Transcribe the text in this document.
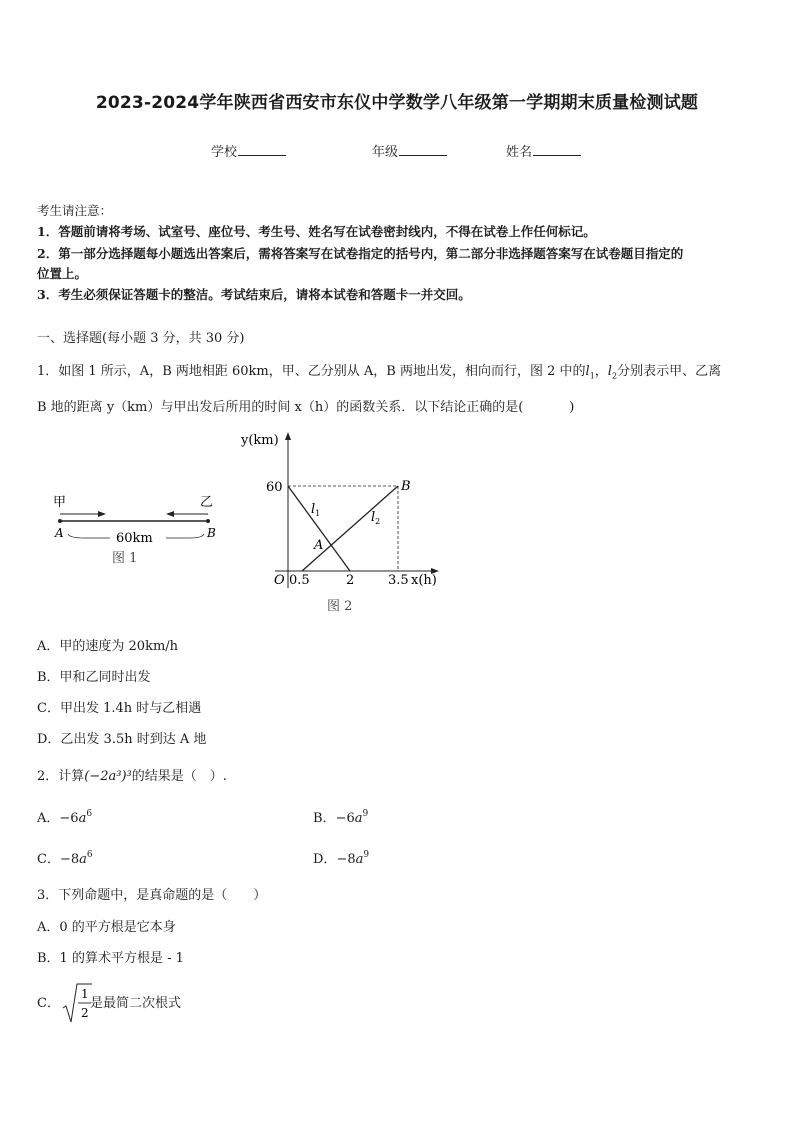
2023-2024学年陕西省西安市东仪中学数学八年级第一学期期末质量检测试题
学校	年级	姓名
考生请注意：
1．答题前请将考场、试室号、座位号、考生号、姓名写在试卷密封线内，不得在试卷上作任何标记。
2．第一部分选择题每小题选出答案后，需将答案写在试卷指定的括号内，第二部分非选择题答案写在试卷题目指定的
位置上。
3．考生必须保证答题卡的整洁。考试结束后，请将本试卷和答题卡一并交回。
一、选择题(每小题 3 分，共 30 分)
1．如图 1 所示，A，B 两地相距 60km，甲、乙分别从 A，B 两地出发，相向而行，图 2 中的$l_1$，$l_2$分别表示甲、乙离
B 地的距离 y（km）与甲出发后所用的时间 x（h）的函数关系．以下结论正确的是(	)
甲	乙
A	B
60km
图 1
y(km)
x(h)
60
O 0.5	2	3.5
$l_1$	$l_2$
A
B
图 2
A．甲的速度为 20km/h
B．甲和乙同时出发
C．甲出发 1.4h 时与乙相遇
D．乙出发 3.5h 时到达 A 地
2．计算(−2a³)³的结果是（　）.
A．$-6a^6$	B．$-6a^9$
C．$-8a^6$	D．$-8a^9$
3．下列命题中，是真命题的是（　　）
A．0 的平方根是它本身
B．1 的算术平方根是 - 1
C．
1
2
是最简二次根式
